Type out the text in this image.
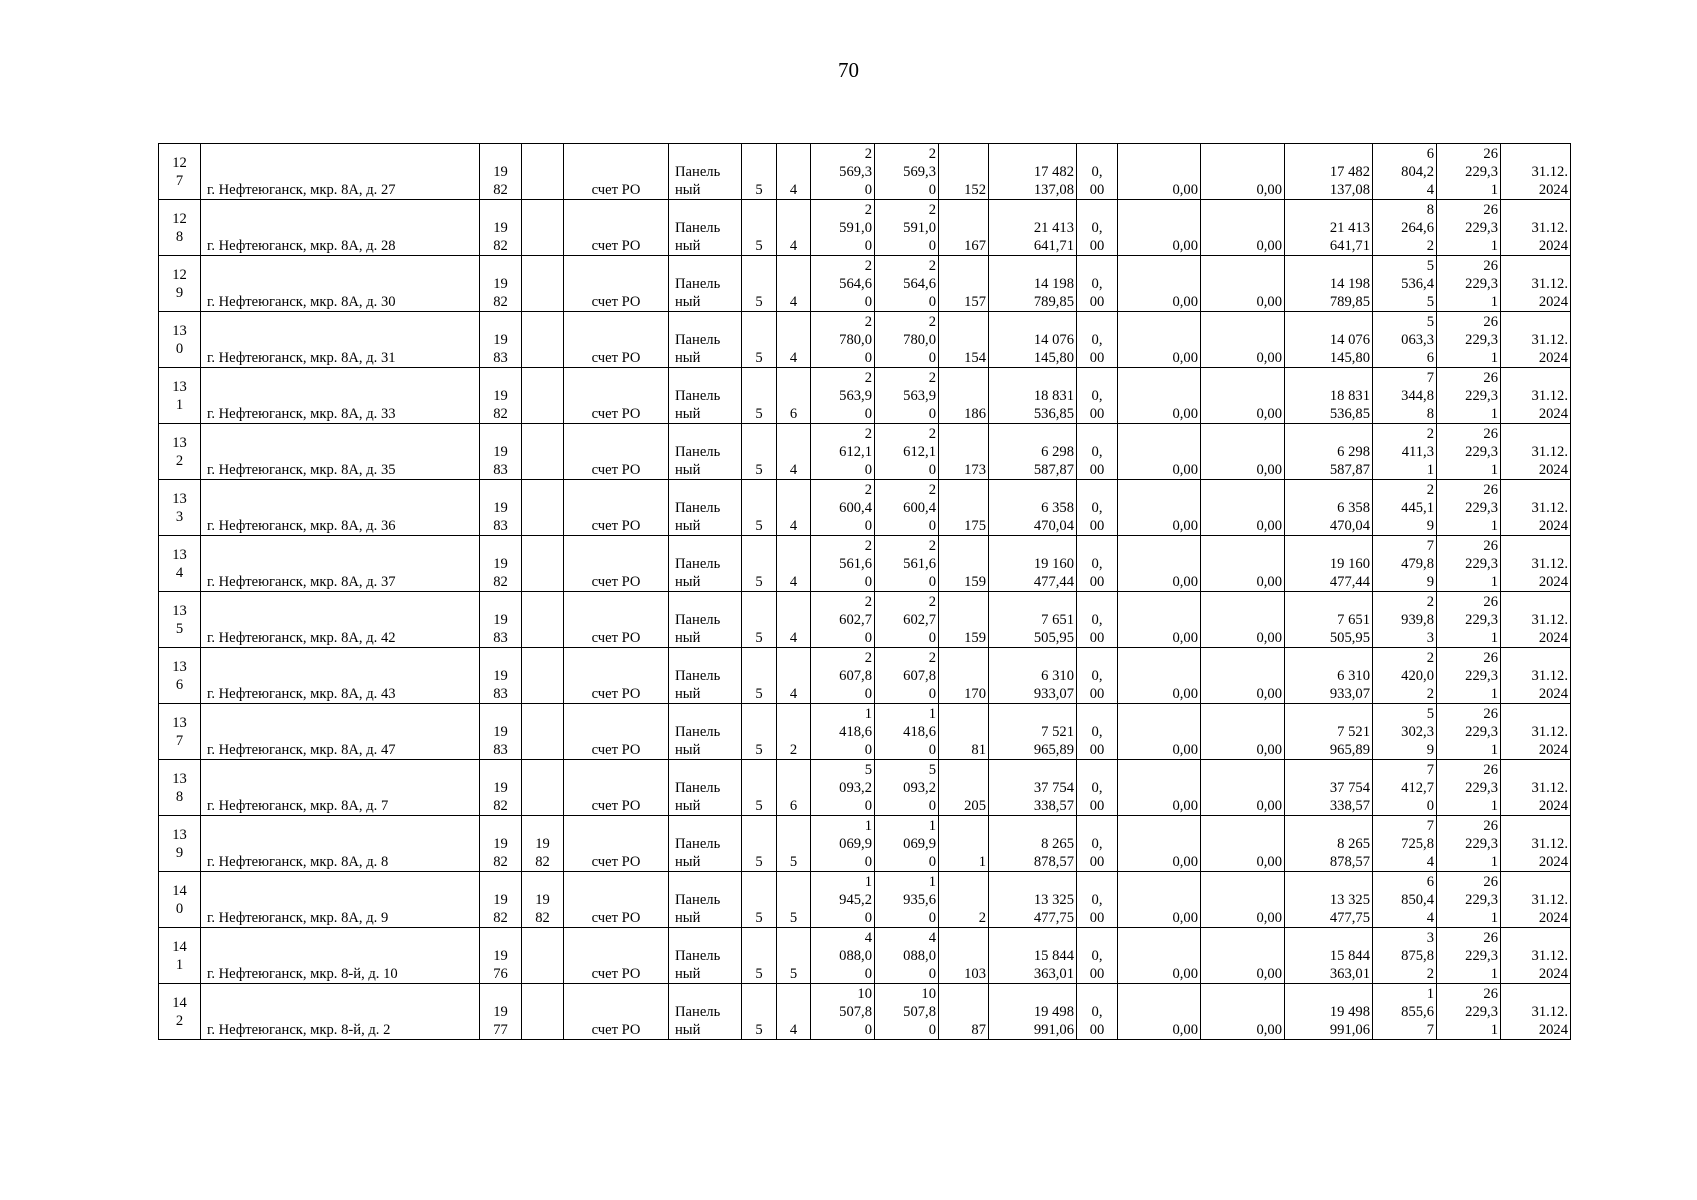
70
12
7	г. Нефтеюганск, мкр. 8А, д. 27	19
82		счет РО	Панель
ный	5	4	2
569,3
0	2
569,3
0	152	17 482
137,08	0,
00	0,00	0,00	17 482
137,08	6
804,2
4	26
229,3
1	31.12.
2024

12
8	г. Нефтеюганск, мкр. 8А, д. 28	19
82		счет РО	Панель
ный	5	4	2
591,0
0	2
591,0
0	167	21 413
641,71	0,
00	0,00	0,00	21 413
641,71	8
264,6
2	26
229,3
1	31.12.
2024

12
9	г. Нефтеюганск, мкр. 8А, д. 30	19
82		счет РО	Панель
ный	5	4	2
564,6
0	2
564,6
0	157	14 198
789,85	0,
00	0,00	0,00	14 198
789,85	5
536,4
5	26
229,3
1	31.12.
2024

13
0	г. Нефтеюганск, мкр. 8А, д. 31	19
83		счет РО	Панель
ный	5	4	2
780,0
0	2
780,0
0	154	14 076
145,80	0,
00	0,00	0,00	14 076
145,80	5
063,3
6	26
229,3
1	31.12.
2024

13
1	г. Нефтеюганск, мкр. 8А, д. 33	19
82		счет РО	Панель
ный	5	6	2
563,9
0	2
563,9
0	186	18 831
536,85	0,
00	0,00	0,00	18 831
536,85	7
344,8
8	26
229,3
1	31.12.
2024

13
2	г. Нефтеюганск, мкр. 8А, д. 35	19
83		счет РО	Панель
ный	5	4	2
612,1
0	2
612,1
0	173	6 298
587,87	0,
00	0,00	0,00	6 298
587,87	2
411,3
1	26
229,3
1	31.12.
2024

13
3	г. Нефтеюганск, мкр. 8А, д. 36	19
83		счет РО	Панель
ный	5	4	2
600,4
0	2
600,4
0	175	6 358
470,04	0,
00	0,00	0,00	6 358
470,04	2
445,1
9	26
229,3
1	31.12.
2024

13
4	г. Нефтеюганск, мкр. 8А, д. 37	19
82		счет РО	Панель
ный	5	4	2
561,6
0	2
561,6
0	159	19 160
477,44	0,
00	0,00	0,00	19 160
477,44	7
479,8
9	26
229,3
1	31.12.
2024

13
5	г. Нефтеюганск, мкр. 8А, д. 42	19
83		счет РО	Панель
ный	5	4	2
602,7
0	2
602,7
0	159	7 651
505,95	0,
00	0,00	0,00	7 651
505,95	2
939,8
3	26
229,3
1	31.12.
2024

13
6	г. Нефтеюганск, мкр. 8А, д. 43	19
83		счет РО	Панель
ный	5	4	2
607,8
0	2
607,8
0	170	6 310
933,07	0,
00	0,00	0,00	6 310
933,07	2
420,0
2	26
229,3
1	31.12.
2024

13
7	г. Нефтеюганск, мкр. 8А, д. 47	19
83		счет РО	Панель
ный	5	2	1
418,6
0	1
418,6
0	81	7 521
965,89	0,
00	0,00	0,00	7 521
965,89	5
302,3
9	26
229,3
1	31.12.
2024

13
8	г. Нефтеюганск, мкр. 8А, д. 7	19
82		счет РО	Панель
ный	5	6	5
093,2
0	5
093,2
0	205	37 754
338,57	0,
00	0,00	0,00	37 754
338,57	7
412,7
0	26
229,3
1	31.12.
2024

13
9	г. Нефтеюганск, мкр. 8А, д. 8	19
82	19
82	счет РО	Панель
ный	5	5	1
069,9
0	1
069,9
0	1	8 265
878,57	0,
00	0,00	0,00	8 265
878,57	7
725,8
4	26
229,3
1	31.12.
2024

14
0	г. Нефтеюганск, мкр. 8А, д. 9	19
82	19
82	счет РО	Панель
ный	5	5	1
945,2
0	1
935,6
0	2	13 325
477,75	0,
00	0,00	0,00	13 325
477,75	6
850,4
4	26
229,3
1	31.12.
2024

14
1	г. Нефтеюганск, мкр. 8-й, д. 10	19
76		счет РО	Панель
ный	5	5	4
088,0
0	4
088,0
0	103	15 844
363,01	0,
00	0,00	0,00	15 844
363,01	3
875,8
2	26
229,3
1	31.12.
2024

14
2	г. Нефтеюганск, мкр. 8-й, д. 2	19
77		счет РО	Панель
ный	5	4	10
507,8
0	10
507,8
0	87	19 498
991,06	0,
00	0,00	0,00	19 498
991,06	1
855,6
7	26
229,3
1	31.12.
2024
